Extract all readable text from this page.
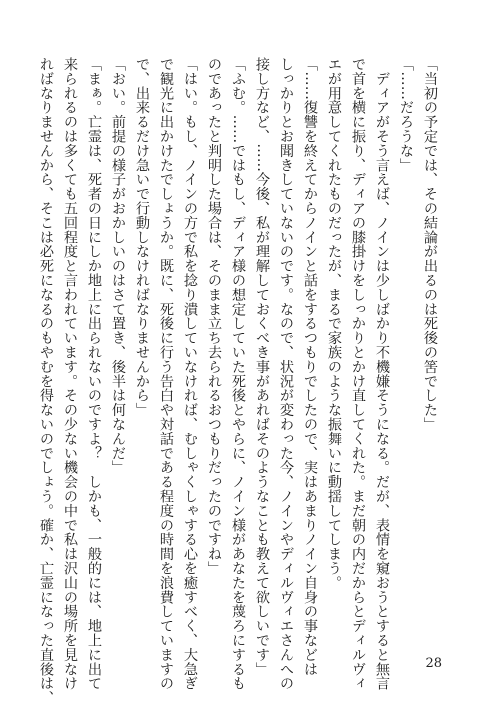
「当初の予定では、その結論が出るのは死後の筈でした」

「……だろうな」

　ディアがそう言えば、ノインは少しばかり不機嫌そうになる。だが、表情を窺おうとすると無言

で首を横に振り、ディアの膝掛けをしっかりとかけ直してくれた。まだ朝の内だからとディルヴィ

エが用意してくれたものだったが、まるで家族のような振舞いに動揺してしまう。

「……復讐を終えてからノインと話をするつもりでしたので、実はあまりノイン自身の事などは

しっかりとお聞きしていないのです。なので、状況が変わった今、ノインやディルヴィエさんへの

接し方など、……今後、私が理解しておくべき事があればそのようなことも教えて欲しいです」

「ふむ。……ではもし、ディア様の想定していた死後とやらに、ノイン様があなたを蔑ろにするも

のであったと判明した場合は、そのまま立ち去られるおつもりだったのですね」

「はい。もし、ノインの方で私を捻り潰していなければ、むしゃくしゃする心を癒すべく、大急ぎ

で観光に出かけたでしょうか。既に、死後に行う告白や対話である程度の時間を浪費していますの

で、出来るだけ急いで行動しなければなりませんから」

「おい。前提の様子がおかしいのはさて置き、後半は何なんだ」

「まぁ。亡霊は、死者の日にしか地上に出られないのですよ？　しかも、一般的には、地上に出て

来られるのは多くても五回程度と言われています。その少ない機会の中で私は沢山の場所を見なけ

ればなりませんから、そこは必死になるのもやむを得ないのでしょう。確か、亡霊になった直後は、	28
